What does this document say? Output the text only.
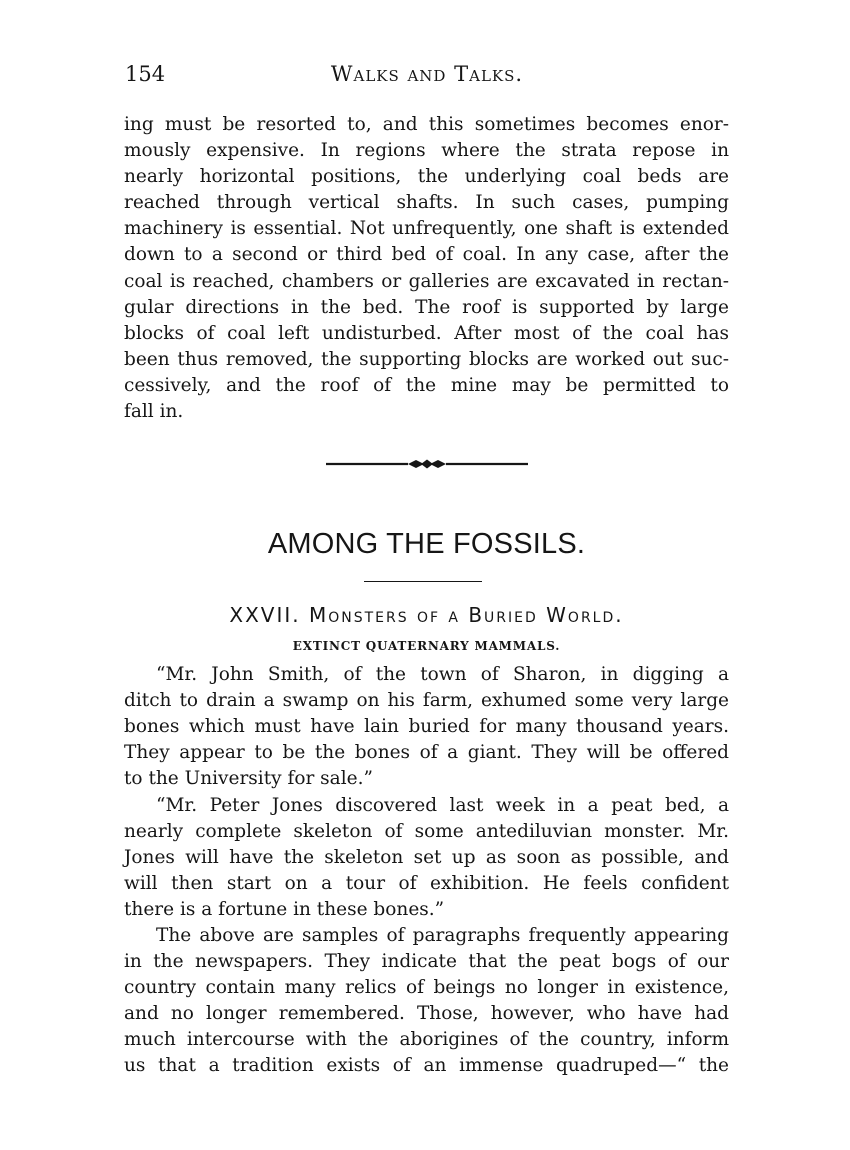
154	Walks and Talks.

ing must be resorted to, and this sometimes becomes enor-
mously expensive. In regions where the strata repose in
nearly horizontal positions, the underlying coal beds are
reached through vertical shafts. In such cases, pumping
machinery is essential. Not unfrequently, one shaft is extended
down to a second or third bed of coal. In any case, after the
coal is reached, chambers or galleries are excavated in rectan-
gular directions in the bed. The roof is supported by large
blocks of coal left undisturbed. After most of the coal has
been thus removed, the supporting blocks are worked out suc-
cessively, and the roof of the mine may be permitted to
fall in.

AMONG THE FOSSILS.
XXVII. Monsters of a Buried World.
EXTINCT QUATERNARY MAMMALS.

“Mr. John Smith, of the town of Sharon, in digging a
ditch to drain a swamp on his farm, exhumed some very large
bones which must have lain buried for many thousand years.
They appear to be the bones of a giant. They will be offered
to the University for sale.”

“Mr. Peter Jones discovered last week in a peat bed, a
nearly complete skeleton of some antediluvian monster. Mr.
Jones will have the skeleton set up as soon as possible, and
will then start on a tour of exhibition. He feels confident
there is a fortune in these bones.”

The above are samples of paragraphs frequently appearing
in the newspapers. They indicate that the peat bogs of our
country contain many relics of beings no longer in existence,
and no longer remembered. Those, however, who have had
much intercourse with the aborigines of the country, inform
us that a tradition exists of an immense quadruped—“ the
